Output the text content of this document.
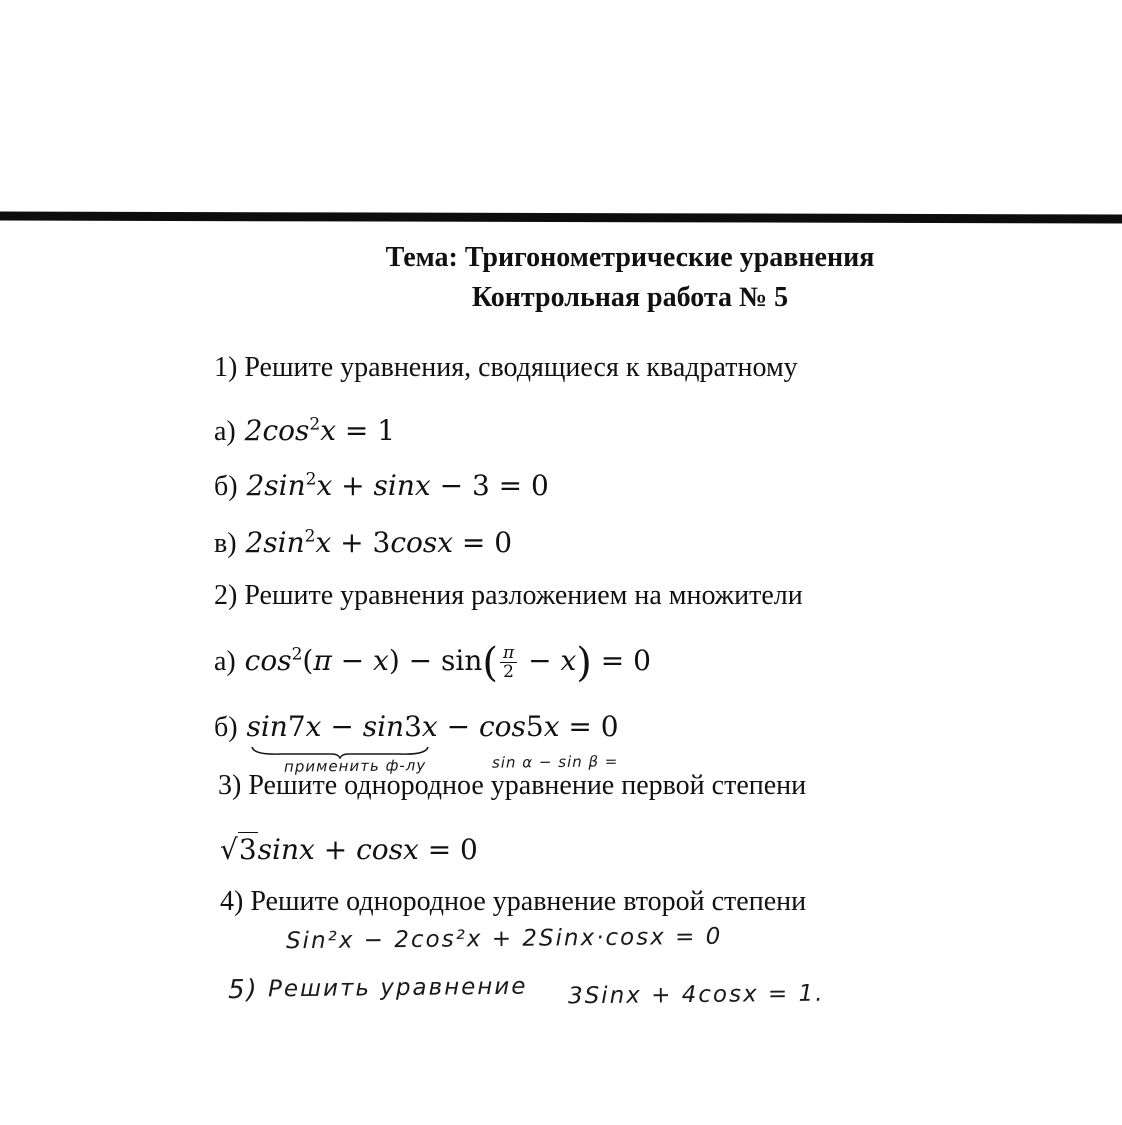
Тема: Тригонометрические уравнения
Контрольная работа № 5
1) Решите уравнения, сводящиеся к квадратному
а) $2\cos^2x = 1$
б) $2\sin^2x + \sin x - 3 = 0$
в) $2\sin^2x + 3\cos x = 0$
2) Решите уравнения разложением на множители
а) $\cos^2(\pi - x) - \sin( \frac{\pi}{2} - x) = 0$
б) sin7x − sin3x − cos5x = 0
применить ф-лу	sin α − sin β =
3) Решите однородное уравнение первой степени
√3sinx + cosx = 0
4) Решите однородное уравнение второй степени
Sin²x − 2cos²x + 2Sinx·cosx = 0
5) Решить уравнение 3Sinx + 4cosx = 1.
